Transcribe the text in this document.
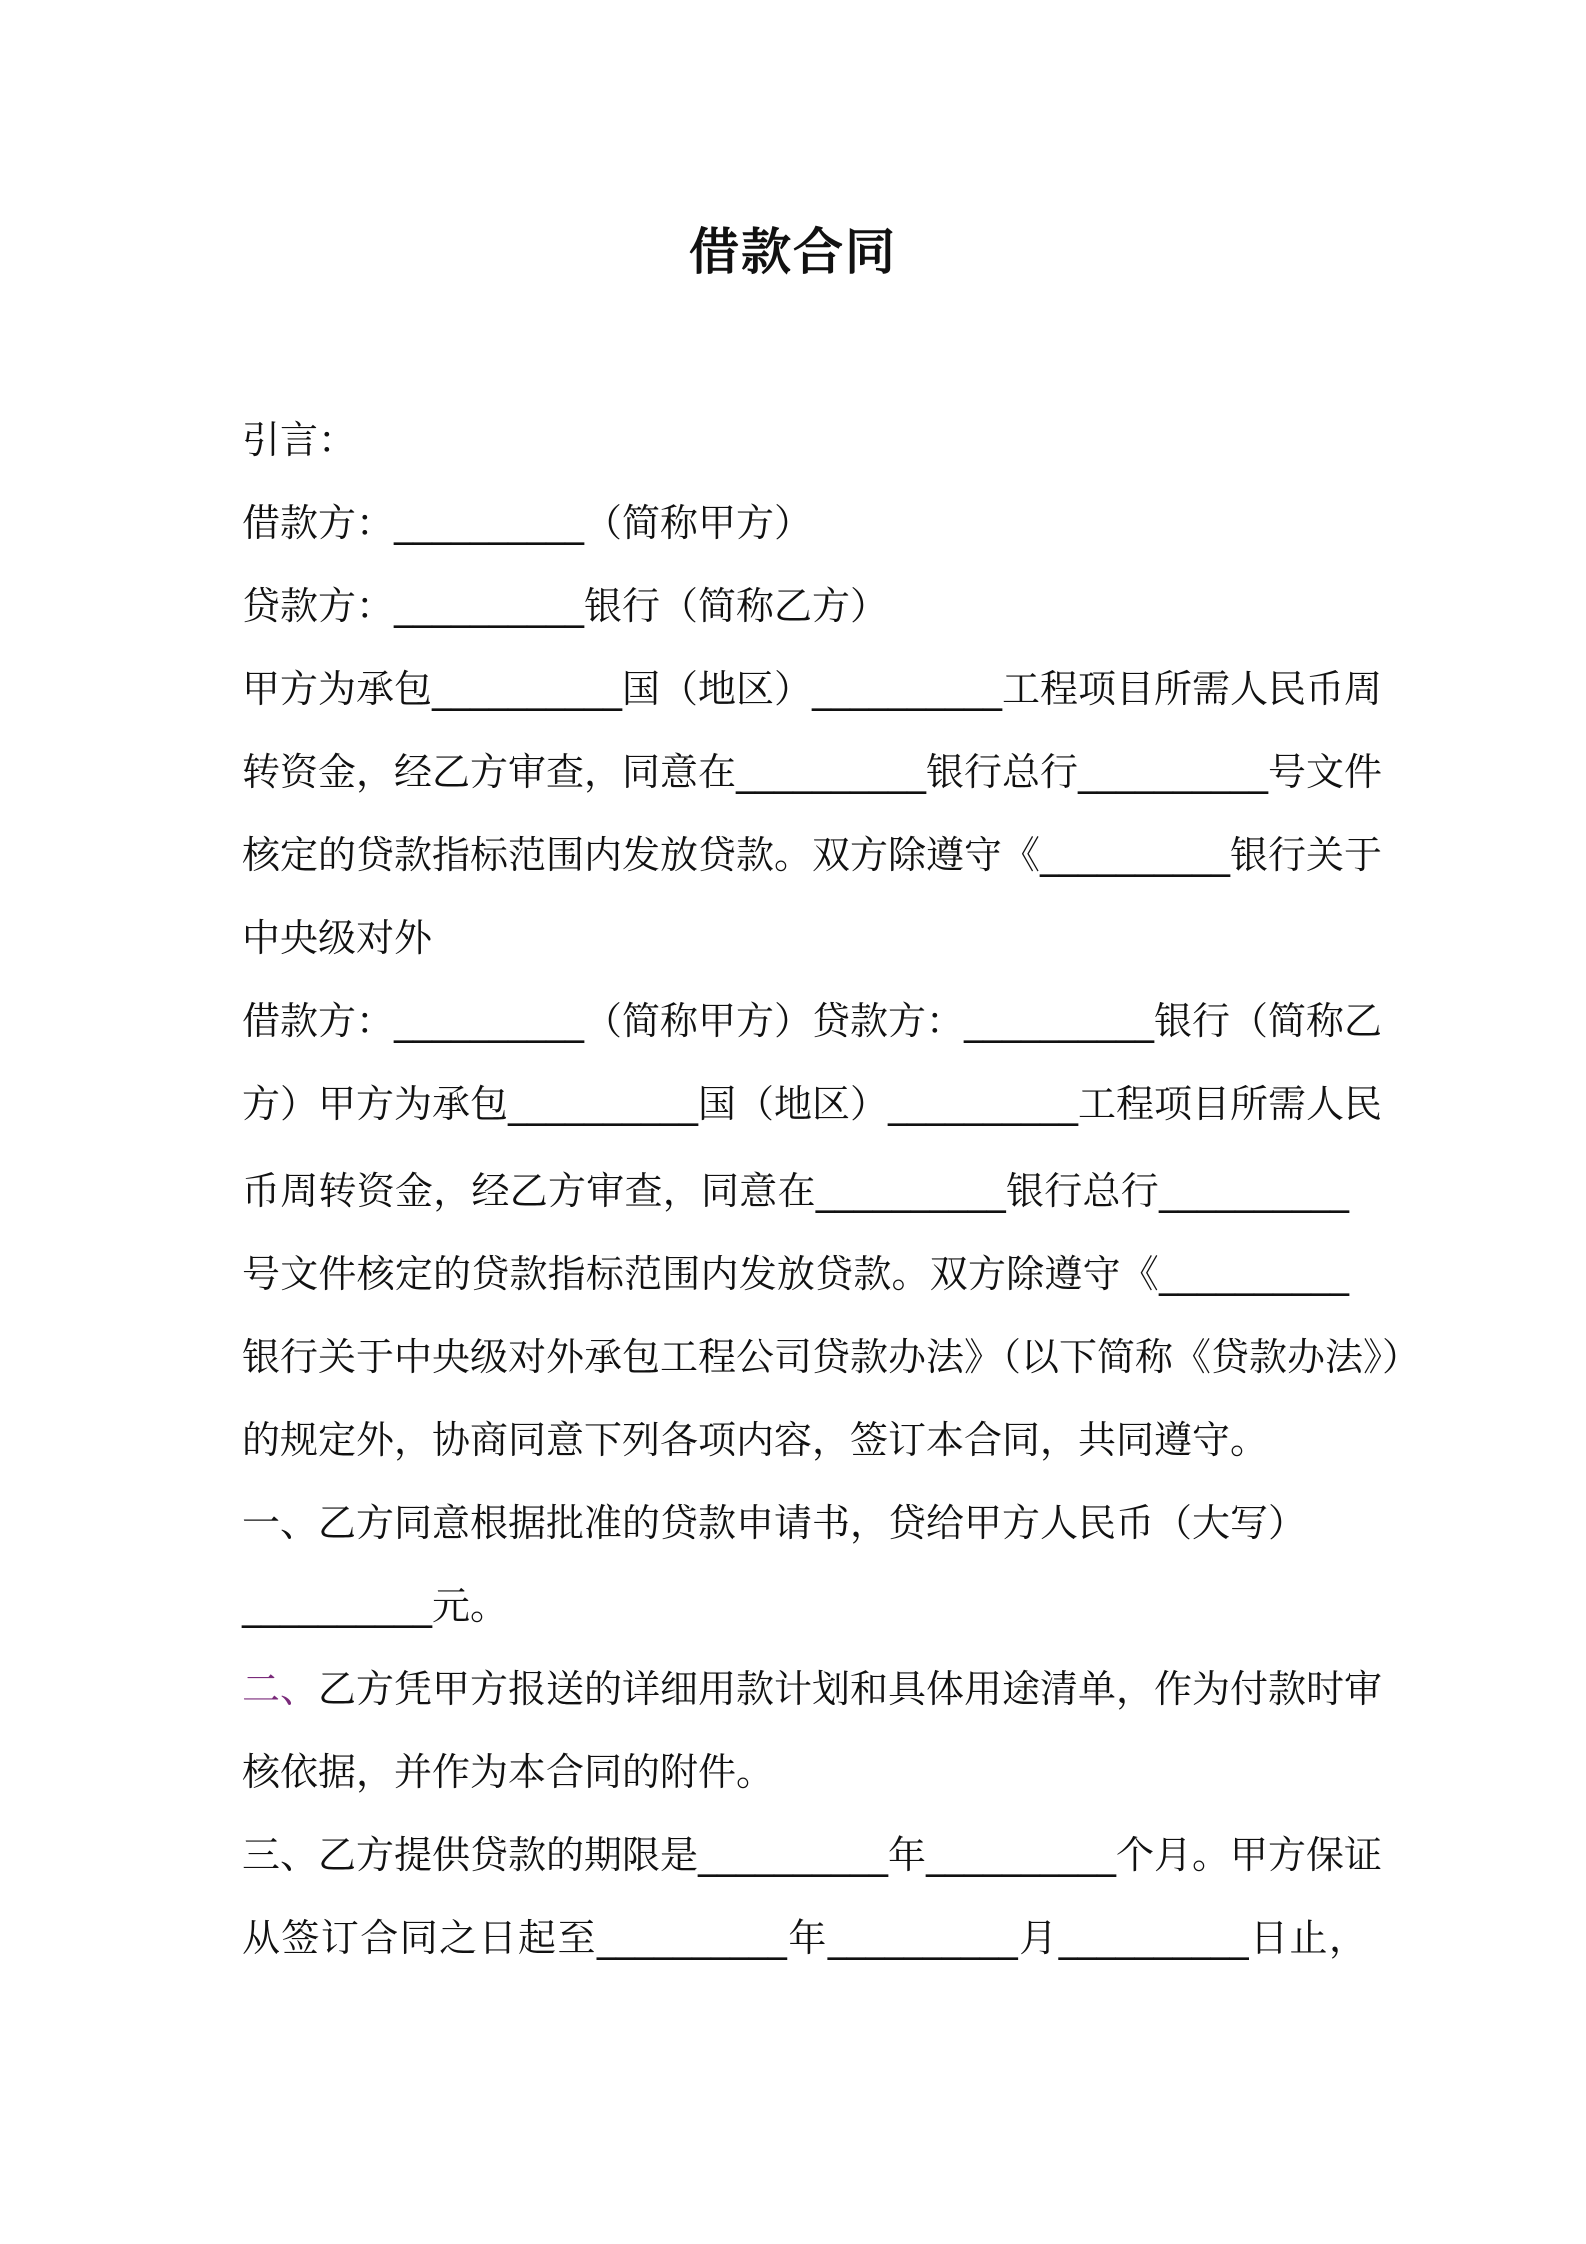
借款合同
引言：
借款方：__________（简称甲方）
贷款方：__________银行（简称乙方）
甲方为承包__________国（地区）__________工程项目所需人民币周
转资金，经乙方审查，同意在__________银行总行__________号文件
核定的贷款指标范围内发放贷款。双方除遵守《__________银行关于
中央级对外
借款方：__________（简称甲方）贷款方：__________银行（简称乙
方）甲方为承包__________国（地区）__________工程项目所需人民
币周转资金，经乙方审查，同意在__________银行总行__________
号文件核定的贷款指标范围内发放贷款。双方除遵守《__________
银行关于中央级对外承包工程公司贷款办法》（以下简称《贷款办法》）
的规定外，协商同意下列各项内容，签订本合同，共同遵守。
一、乙方同意根据批准的贷款申请书，贷给甲方人民币（大写）
__________元。
二、乙方凭甲方报送的详细用款计划和具体用途清单，作为付款时审
核依据，并作为本合同的附件。
三、乙方提供贷款的期限是__________年__________个月。甲方保证
从签订合同之日起至__________年__________月__________日止，
